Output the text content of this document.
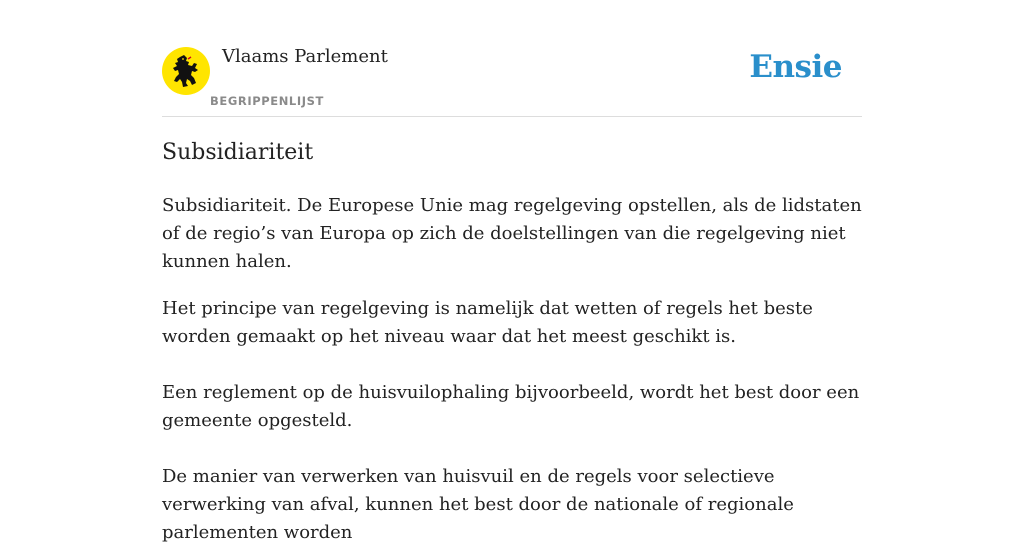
Vlaams Parlement
BEGRIPPENLIJST
Ensie
Subsidiariteit

Subsidiariteit. De Europese Unie mag regelgeving opstellen, als de lidstaten of de regio’s van Europa op zich de doelstellingen van die regelgeving niet kunnen halen.

Het principe van regelgeving is namelijk dat wetten of regels het beste worden gemaakt op het niveau waar dat het meest geschikt is.

Een reglement op de huisvuilophaling bijvoorbeeld, wordt het best door een gemeente opgesteld.

De manier van verwerken van huisvuil en de regels voor selectieve verwerking van afval, kunnen het best door de nationale of regionale parlementen worden
